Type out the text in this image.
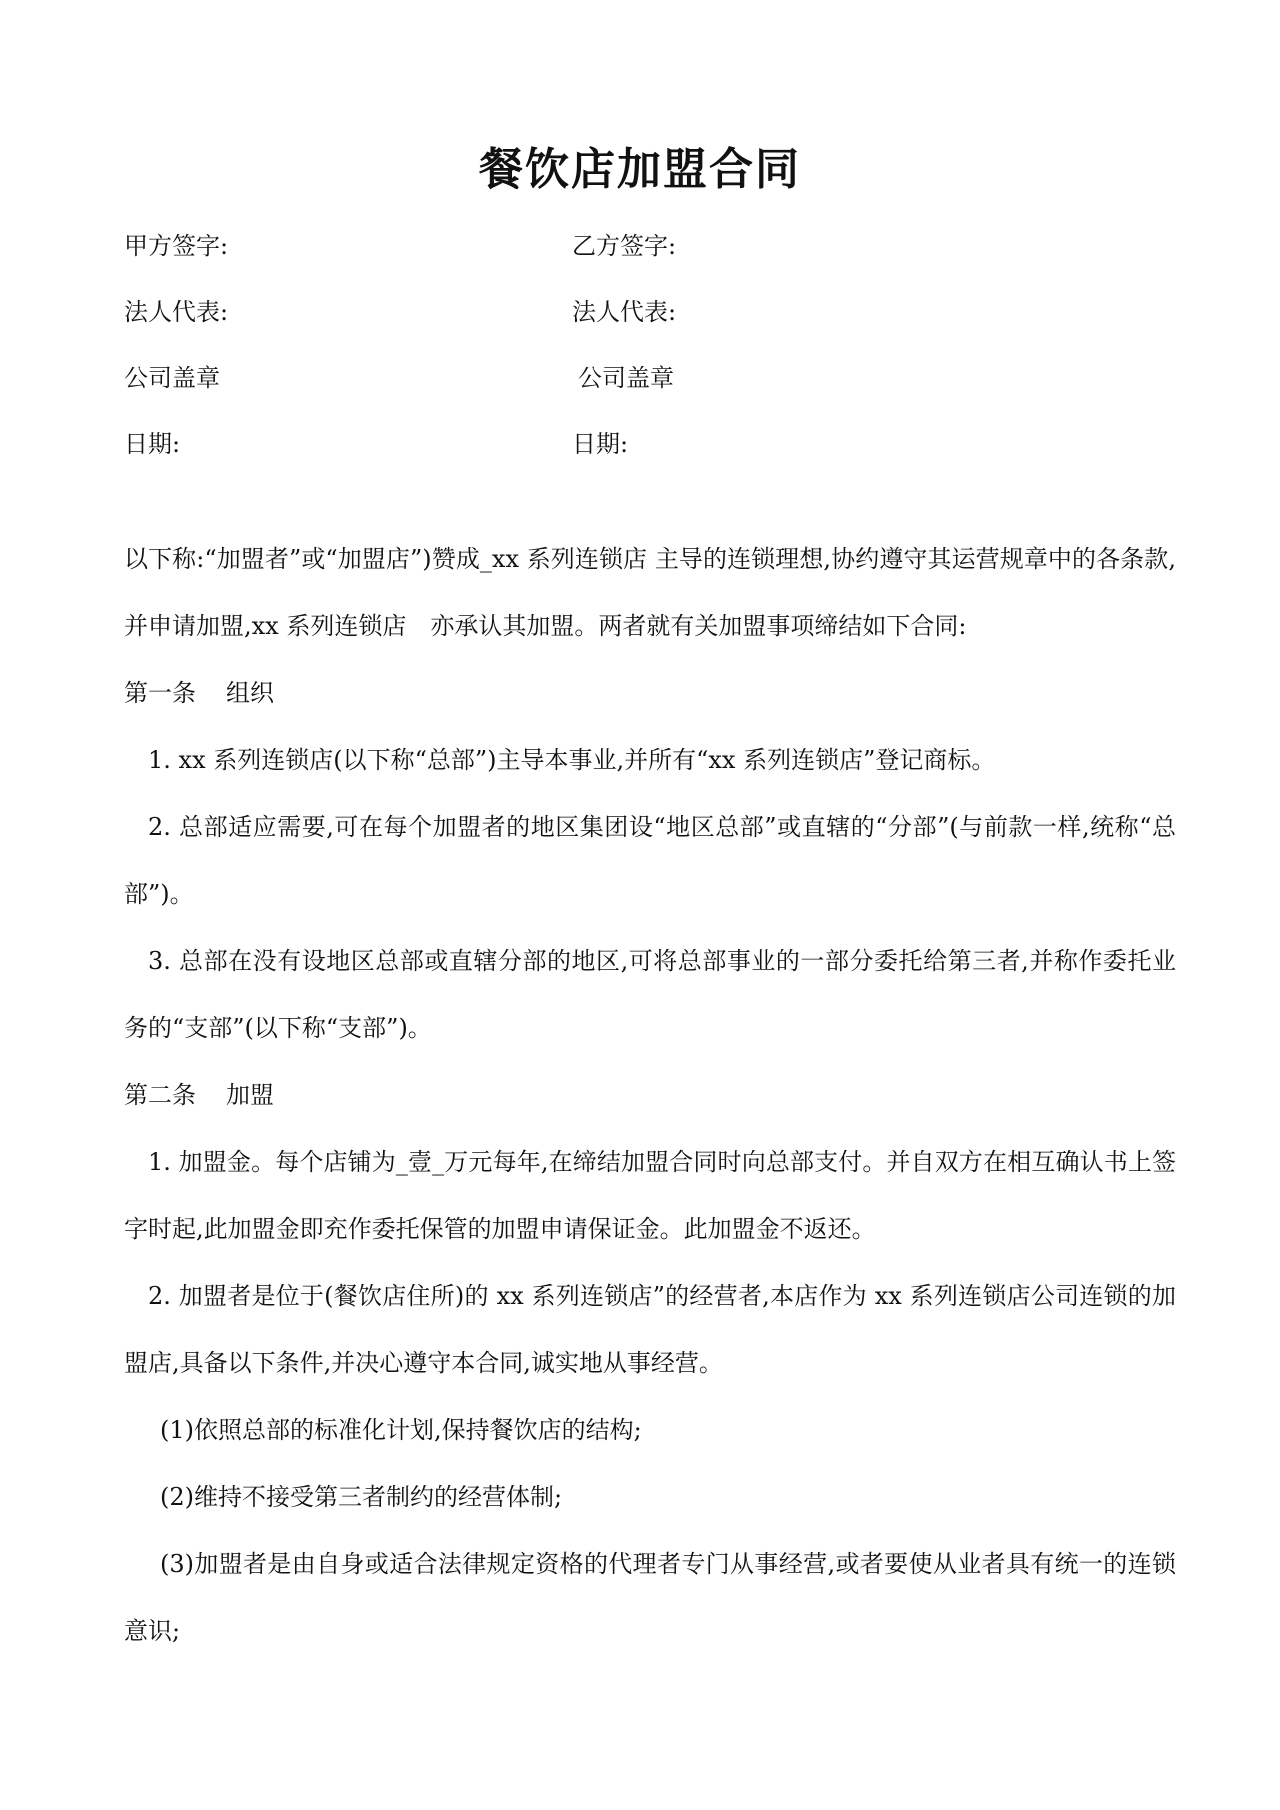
餐饮店加盟合同
甲方签字:	乙方签字:
法人代表:	法人代表:
公司盖章	公司盖章
日期:	日期:

以下称:“加盟者”或“加盟店”)赞成_xx 系列连锁店 主导的连锁理想,协约遵守其运营规章中的各条款,并申请加盟,xx 系列连锁店　亦承认其加盟。两者就有关加盟事项缔结如下合同:

第一条 组织

1. xx 系列连锁店(以下称“总部”)主导本事业,并所有“xx 系列连锁店”登记商标。

2. 总部适应需要,可在每个加盟者的地区集团设“地区总部”或直辖的“分部”(与前款一样,统称“总部”)。

3. 总部在没有设地区总部或直辖分部的地区,可将总部事业的一部分委托给第三者,并称作委托业务的“支部”(以下称“支部”)。

第二条 加盟

1. 加盟金。每个店铺为_壹_万元每年,在缔结加盟合同时向总部支付。并自双方在相互确认书上签字时起,此加盟金即充作委托保管的加盟申请保证金。此加盟金不返还。

2. 加盟者是位于(餐饮店住所)的 xx 系列连锁店”的经营者,本店作为 xx 系列连锁店公司连锁的加盟店,具备以下条件,并决心遵守本合同,诚实地从事经营。

(1)依照总部的标准化计划,保持餐饮店的结构;

(2)维持不接受第三者制约的经营体制;

(3)加盟者是由自身或适合法律规定资格的代理者专门从事经营,或者要使从业者具有统一的连锁意识;
